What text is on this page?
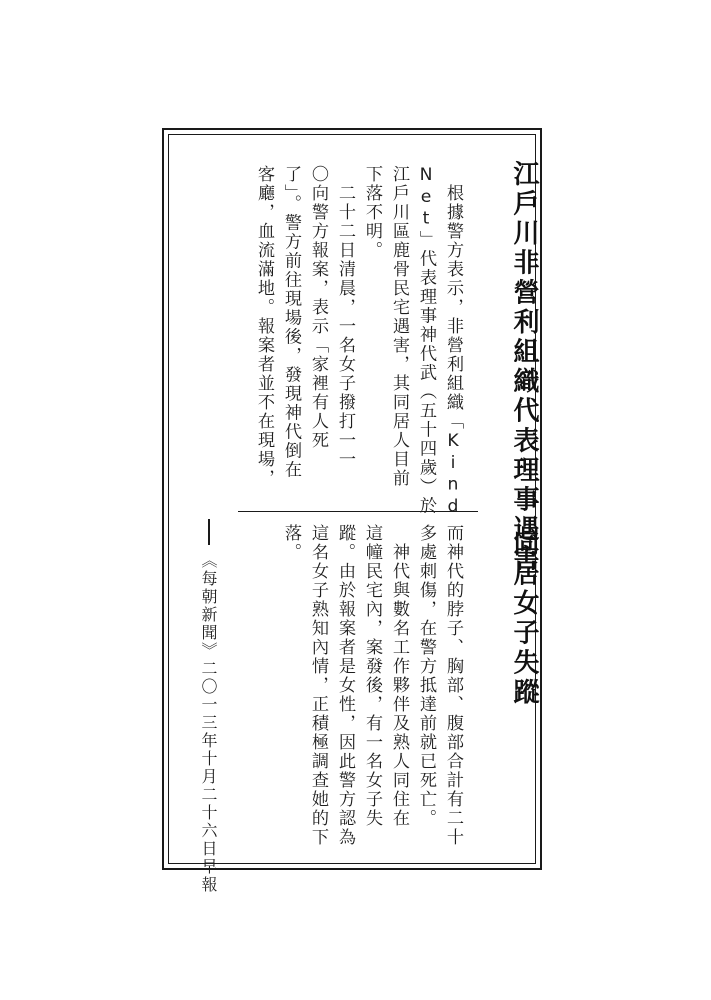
江戶川非營利組織代表理事遇害
同居女子失蹤
　根據警方表示，非營利組織「Kind
Net」代表理事神代武（五十四歲）於
江戶川區鹿骨民宅遇害，其同居人目前
下落不明。
　二十二日清晨，一名女子撥打一一
〇向警方報案，表示「家裡有人死
了」。警方前往現場後，發現神代倒在
客廳，血流滿地。報案者並不在現場，
而神代的脖子、胸部、腹部合計有二十
多處刺傷，在警方抵達前就已死亡。
　神代與數名工作夥伴及熟人同住在
這幢民宅內，案發後，有一名女子失
蹤。由於報案者是女性，因此警方認為
這名女子熟知內情，正積極調查她的下
落。
《每朝新聞》二〇一三年十月二十六日早報
